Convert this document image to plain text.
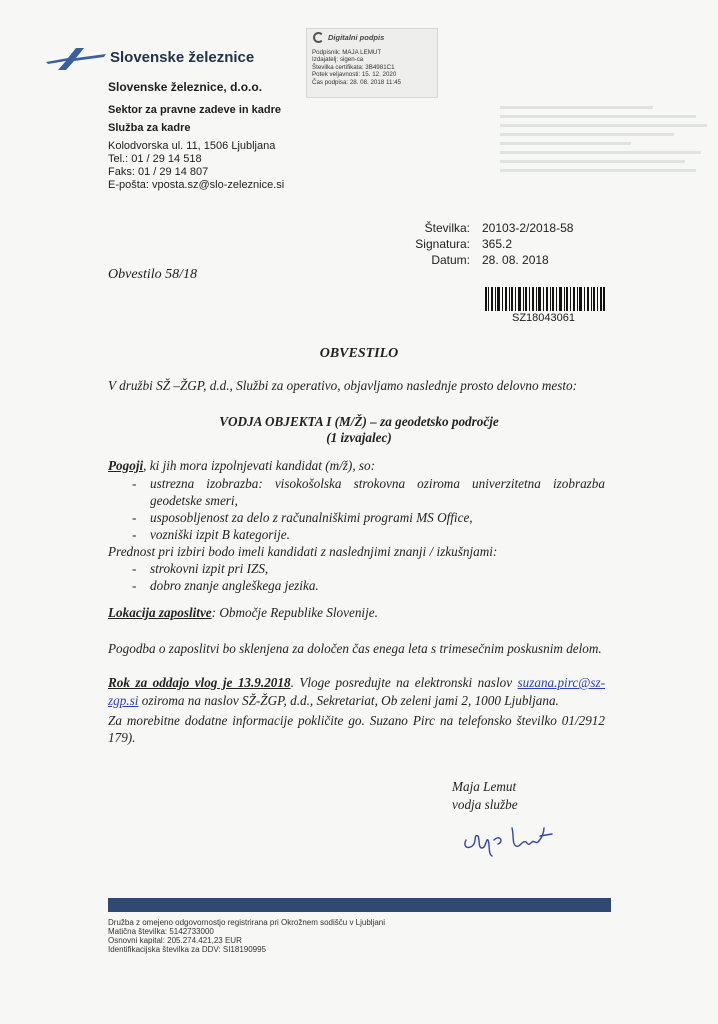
Slovenske železnice
Slovenske železnice, d.o.o.
Sektor za pravne zadeve in kadre
Služba za kadre
Kolodvorska ul. 11, 1506 Ljubljana
Tel.: 01 / 29 14 518
Faks: 01 / 29 14 807
E-pošta: vposta.sz@slo-zeleznice.si
Digitalni podpis
Podpisnik: MAJA LEMUT
Izdajatelj: sigen-ca
Številka certifikata: 3B4981C1
Potek veljavnosti: 15. 12. 2020
Čas podpisa: 28. 08. 2018 11:45
Številka: 20103-2/2018-58
Signatura: 365.2
Datum: 28. 08. 2018
Obvestilo 58/18
SZ18043061
OBVESTILO
V družbi SŽ –ŽGP, d.d., Službi za operativo, objavljamo naslednje prosto delovno mesto:
VODJA OBJEKTA I (M/Ž) – za geodetsko področje
(1 izvajalec)
Pogoji, ki jih mora izpolnjevati kandidat (m/ž), so:
- ustrezna izobrazba: visokošolska strokovna oziroma univerzitetna izobrazba
geodetske smeri,
- usposobljenost za delo z računalniškimi programi MS Office,
- vozniški izpit B kategorije.
Prednost pri izbiri bodo imeli kandidati z naslednjimi znanji / izkušnjami:
- strokovni izpit pri IZS,
- dobro znanje angleškega jezika.
Lokacija zaposlitve: Območje Republike Slovenije.
Pogodba o zaposlitvi bo sklenjena za določen čas enega leta s trimesečnim poskusnim delom.
Rok za oddajo vlog je 13.9.2018. Vloge posredujte na elektronski naslov suzana.pirc@sz-
zgp.si oziroma na naslov SŽ-ŽGP, d.d., Sekretariat, Ob zeleni jami 2, 1000 Ljubljana.
Za morebitne dodatne informacije pokličite go. Suzano Pirc na telefonsko številko 01/2912
179).
Maja Lemut
vodja službe
Družba z omejeno odgovornostjo registrirana pri Okrožnem sodišču v Ljubljani
Matična številka: 5142733000
Osnovni kapital: 205.274.421,23 EUR
Identifikacijska številka za DDV: SI18190995
